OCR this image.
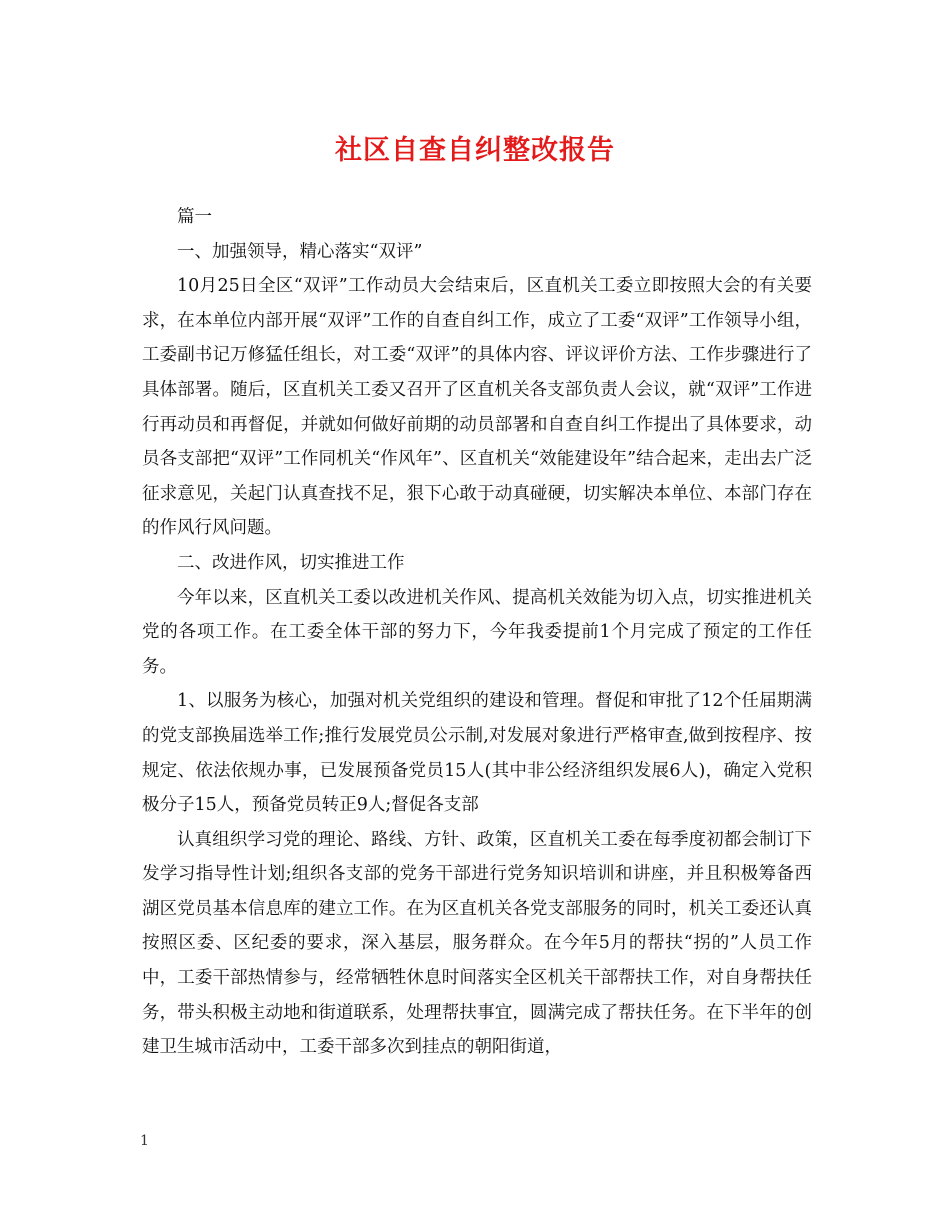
社区自查自纠整改报告

篇一

一、加强领导，精心落实“双评”

10月25日全区“双评”工作动员大会结束后，区直机关工委立即按照大会的有关要求，在本单位内部开展“双评”工作的自查自纠工作，成立了工委“双评”工作领导小组，工委副书记万修猛任组长，对工委“双评”的具体内容、评议评价方法、工作步骤进行了具体部署。随后，区直机关工委又召开了区直机关各支部负责人会议，就“双评”工作进行再动员和再督促，并就如何做好前期的动员部署和自查自纠工作提出了具体要求，动员各支部把“双评”工作同机关“作风年”、区直机关“效能建设年”结合起来，走出去广泛征求意见，关起门认真查找不足，狠下心敢于动真碰硬，切实解决本单位、本部门存在的作风行风问题。

二、改进作风，切实推进工作

今年以来，区直机关工委以改进机关作风、提高机关效能为切入点，切实推进机关党的各项工作。在工委全体干部的努力下，今年我委提前1个月完成了预定的工作任务。

1、以服务为核心，加强对机关党组织的建设和管理。督促和审批了12个任届期满的党支部换届选举工作;推行发展党员公示制,对发展对象进行严格审查,做到按程序、按规定、依法依规办事，已发展预备党员15人(其中非公经济组织发展6人)，确定入党积极分子15人，预备党员转正9人;督促各支部

认真组织学习党的理论、路线、方针、政策，区直机关工委在每季度初都会制订下发学习指导性计划;组织各支部的党务干部进行党务知识培训和讲座，并且积极筹备西湖区党员基本信息库的建立工作。在为区直机关各党支部服务的同时，机关工委还认真按照区委、区纪委的要求，深入基层，服务群众。在今年5月的帮扶“拐的”人员工作中，工委干部热情参与，经常牺牲休息时间落实全区机关干部帮扶工作，对自身帮扶任务，带头积极主动地和街道联系，处理帮扶事宜，圆满完成了帮扶任务。在下半年的创建卫生城市活动中，工委干部多次到挂点的朝阳街道，

1
